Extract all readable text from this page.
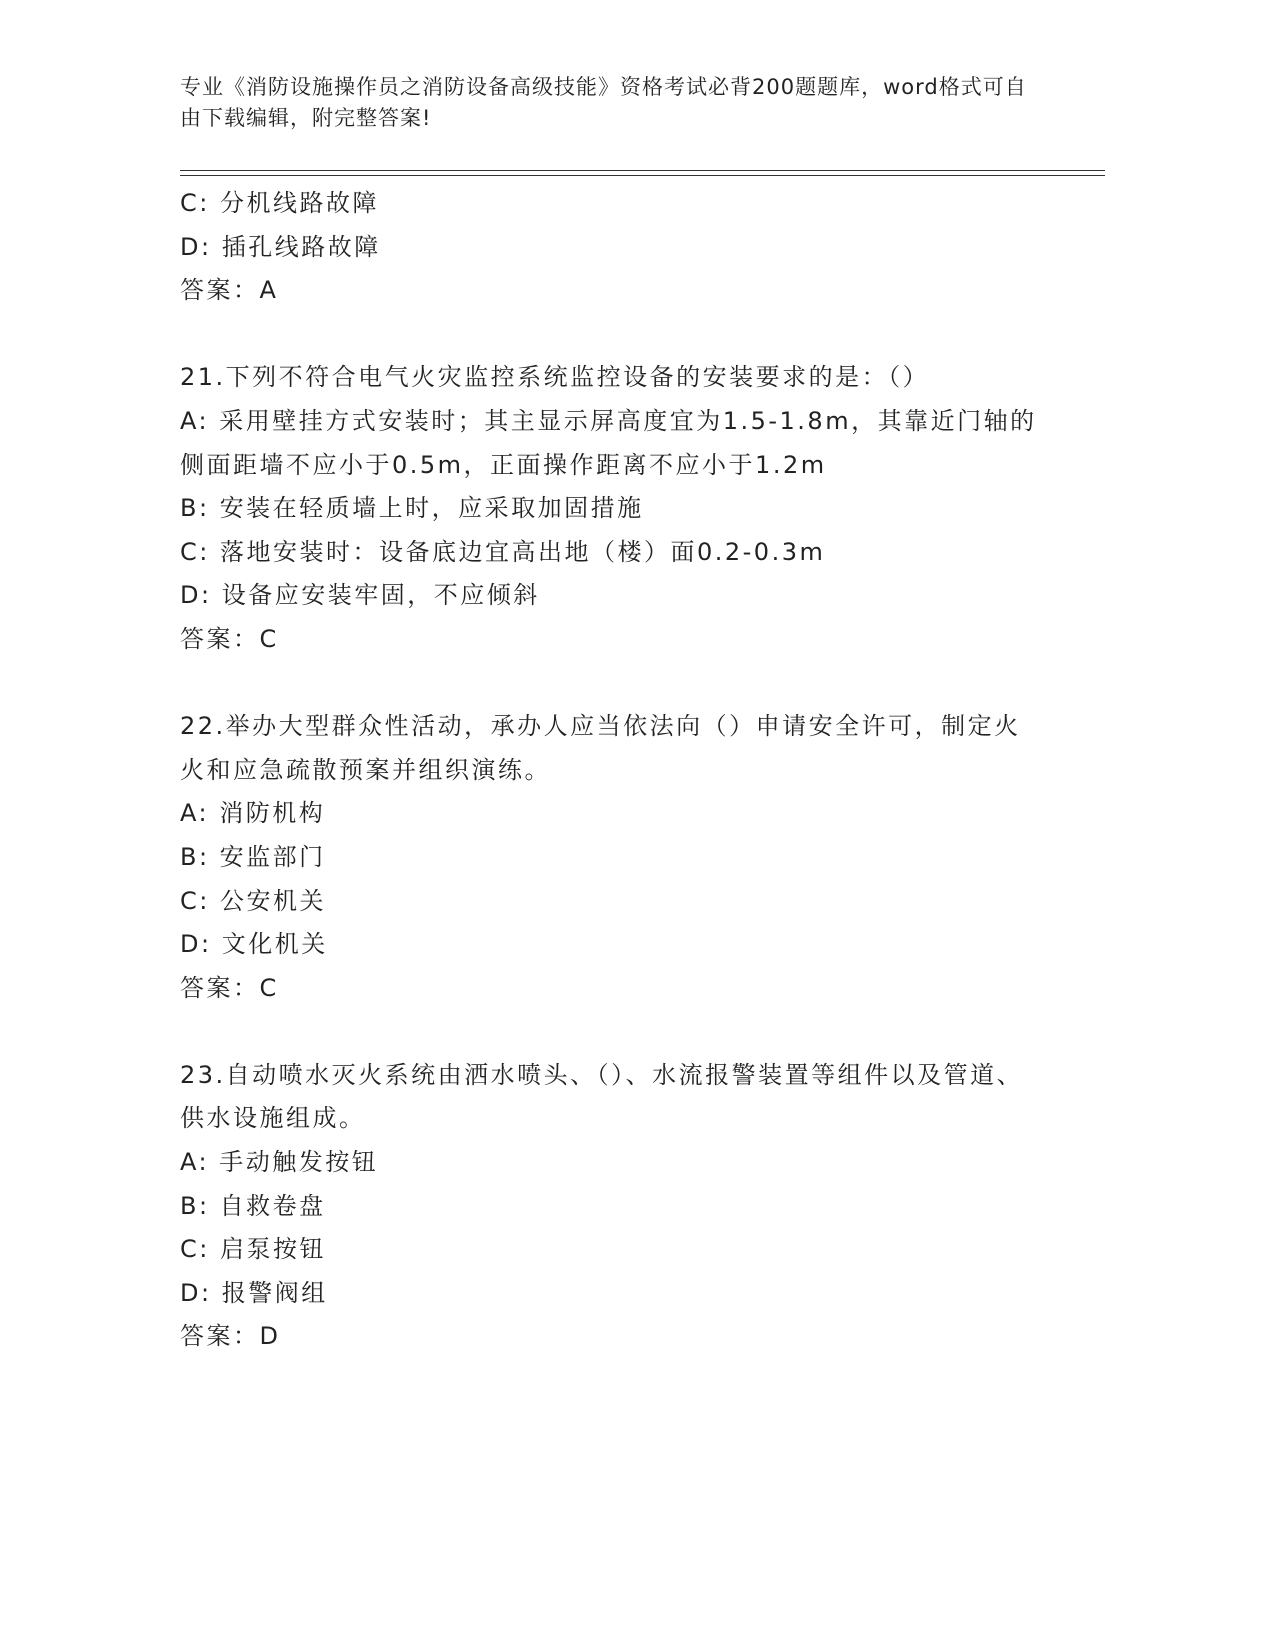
专业《消防设施操作员之消防设备高级技能》资格考试必背200题题库，word格式可自由下载编辑，附完整答案!
C: 分机线路故障
D: 插孔线路故障
答案：A
21.下列不符合电气火灾监控系统监控设备的安装要求的是：（）
A: 采用壁挂方式安装时；其主显示屏高度宜为1.5-1.8m，其靠近门轴的侧面距墙不应小于0.5m，正面操作距离不应小于1.2m
B: 安装在轻质墙上时，应采取加固措施
C: 落地安装时：设备底边宜高出地（楼）面0.2-0.3m
D: 设备应安装牢固，不应倾斜
答案：C
22.举办大型群众性活动，承办人应当依法向（）申请安全许可，制定火火和应急疏散预案并组织演练。
A: 消防机构
B: 安监部门
C: 公安机关
D: 文化机关
答案：C
23.自动喷水灭火系统由洒水喷头、（）、水流报警装置等组件以及管道、供水设施组成。
A: 手动触发按钮
B: 自救卷盘
C: 启泵按钮
D: 报警阀组
答案：D
